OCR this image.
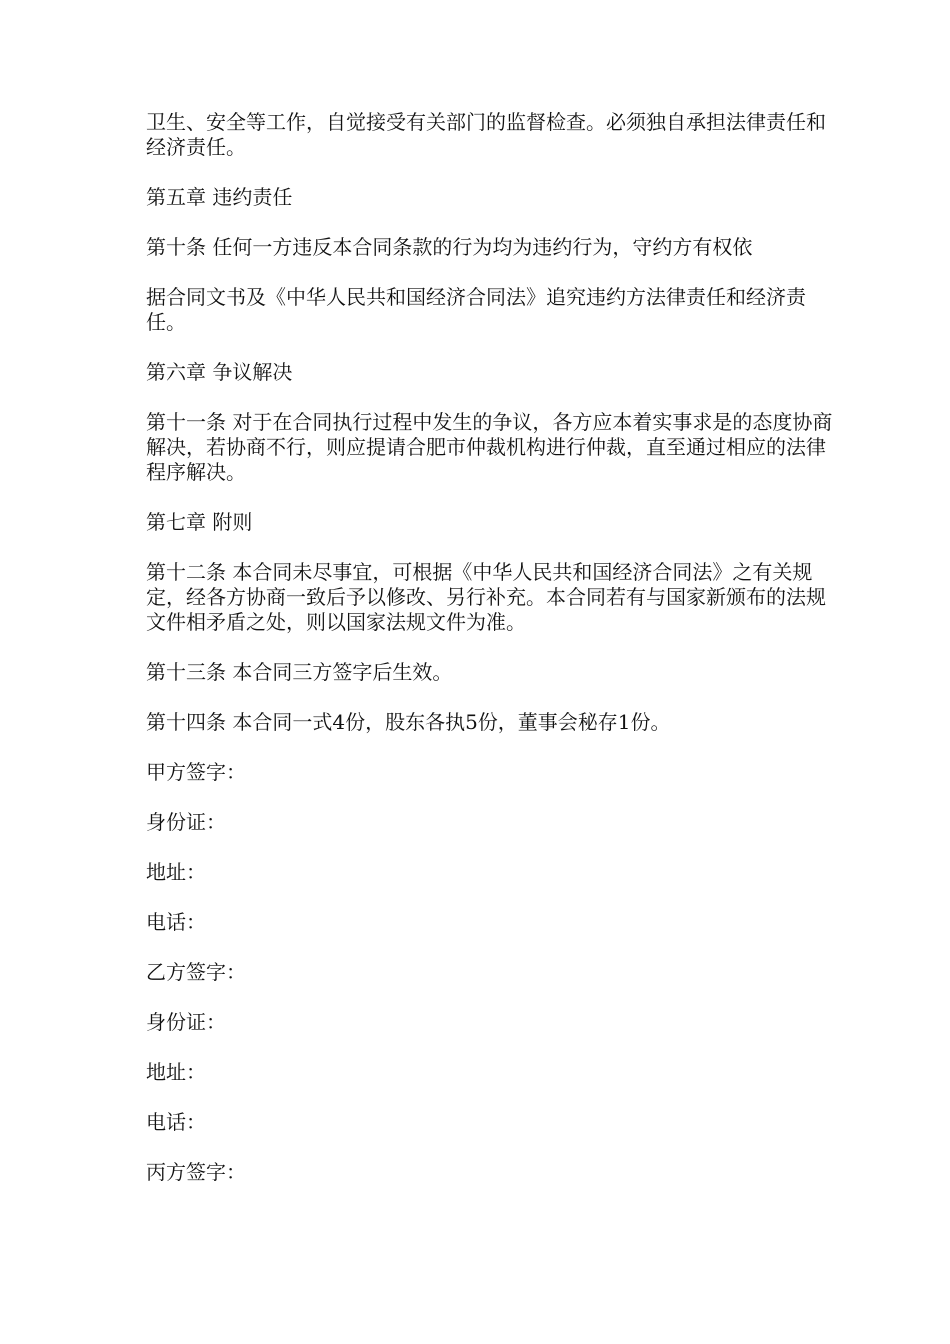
卫生、安全等工作，自觉接受有关部门的监督检查。必须独自承担法律责任和经济责任。

第五章 违约责任

第十条 任何一方违反本合同条款的行为均为违约行为，守约方有权依

据合同文书及《中华人民共和国经济合同法》追究违约方法律责任和经济责任。

第六章 争议解决

第十一条 对于在合同执行过程中发生的争议，各方应本着实事求是的态度协商解决，若协商不行，则应提请合肥市仲裁机构进行仲裁，直至通过相应的法律程序解决。

第七章 附则

第十二条 本合同未尽事宜，可根据《中华人民共和国经济合同法》之有关规定，经各方协商一致后予以修改、另行补充。本合同若有与国家新颁布的法规文件相矛盾之处，则以国家法规文件为准。

第十三条 本合同三方签字后生效。

第十四条 本合同一式4份，股东各执5份，董事会秘存1份。

甲方签字：

身份证：

地址：

电话：

乙方签字：

身份证：

地址：

电话：

丙方签字：
